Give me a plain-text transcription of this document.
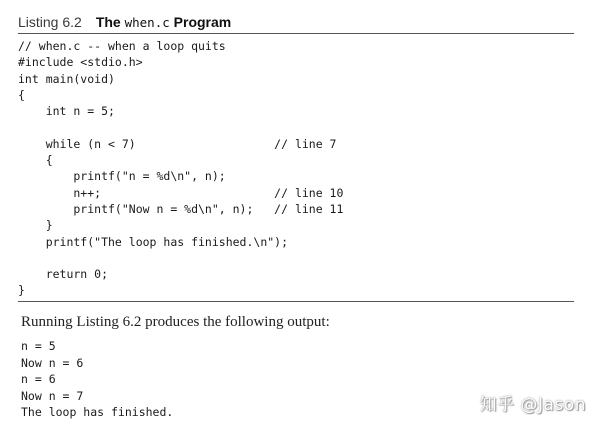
Listing 6.2 The when.c Program
// when.c -- when a loop quits
#include <stdio.h>
int main(void)
{
int n = 5;
while (n < 7)                    // line 7
{
printf("n = %d\n", n);
n++;                         // line 10
printf("Now n = %d\n", n);   // line 11
}
printf("The loop has finished.\n");
return 0;
}
Running Listing 6.2 produces the following output:
n = 5
Now n = 6
n = 6
Now n = 7
The loop has finished.	知乎 @Jason
